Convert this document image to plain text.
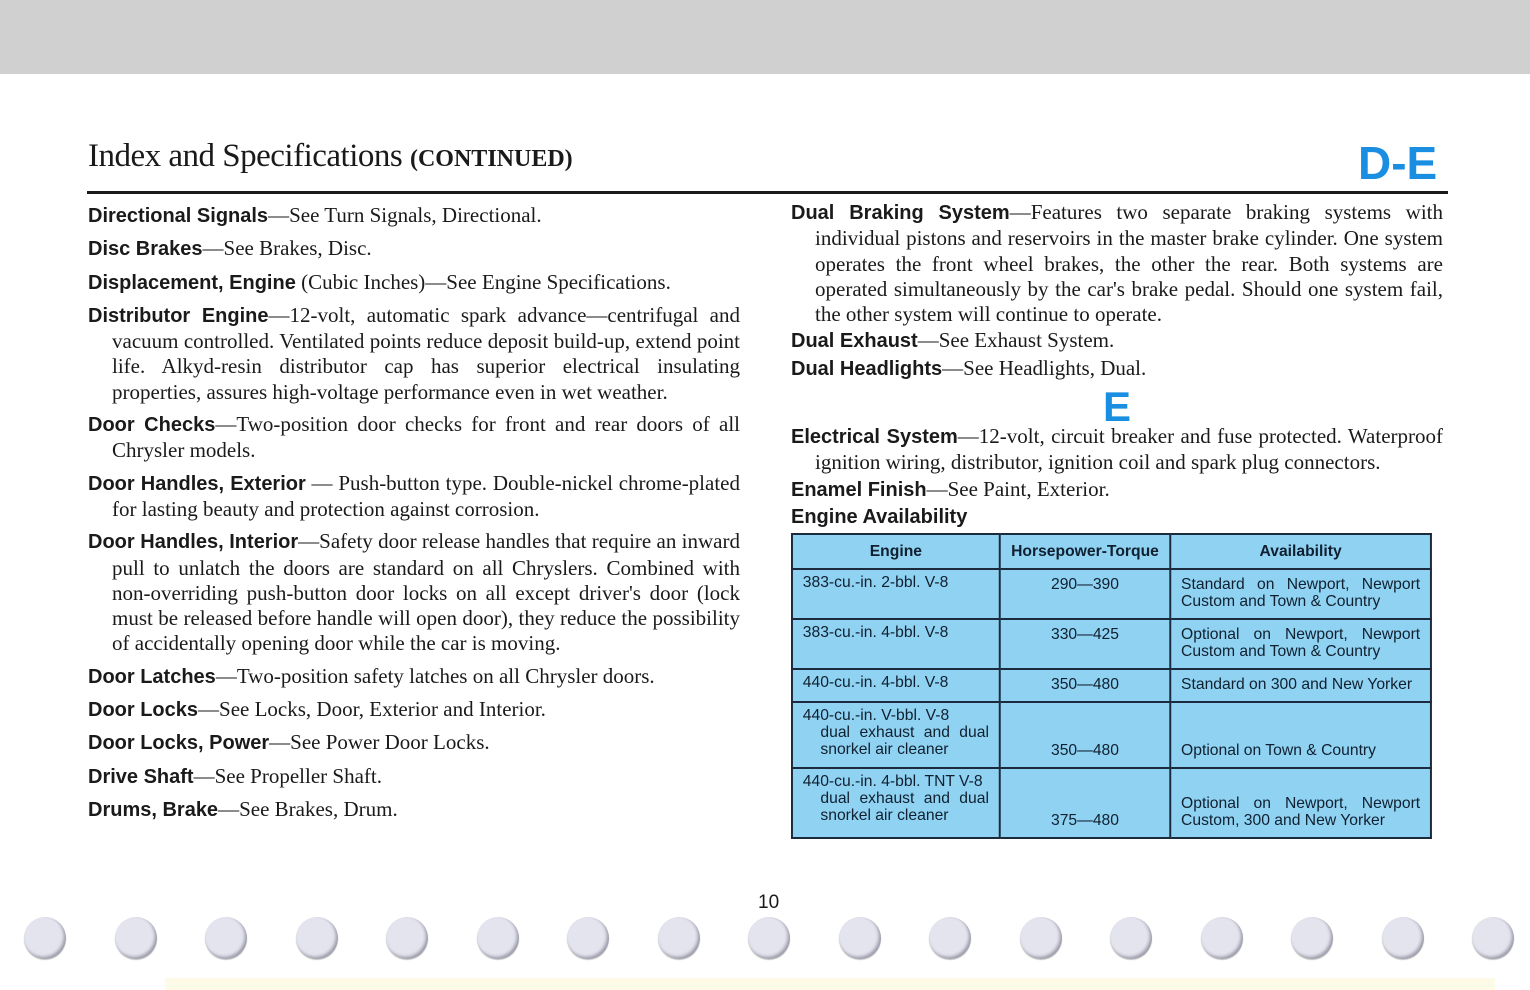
Index and Specifications (CONTINUED)	D-E
Directional Signals—See Turn Signals, Directional.
Disc Brakes—See Brakes, Disc.
Displacement, Engine (Cubic Inches)—See Engine Specifications.
Distributor Engine—12-volt, automatic spark advance—centrifugal and vacuum controlled. Ventilated points reduce deposit build-up, extend point life. Alkyd-resin distributor cap has superior electrical insulating properties, assures high-voltage performance even in wet weather.
Door Checks—Two-position door checks for front and rear doors of all Chrysler models.
Door Handles, Exterior — Push-button type. Double-nickel chrome-plated for lasting beauty and protection against corrosion.
Door Handles, Interior—Safety door release handles that require an inward pull to unlatch the doors are standard on all Chryslers. Combined with non-overriding push-button door locks on all except driver's door (lock must be released before handle will open door), they reduce the possibility of accidentally opening door while the car is moving.
Door Latches—Two-position safety latches on all Chrysler doors.
Door Locks—See Locks, Door, Exterior and Interior.
Door Locks, Power—See Power Door Locks.
Drive Shaft—See Propeller Shaft.
Drums, Brake—See Brakes, Drum.
Dual Braking System—Features two separate braking systems with individual pistons and reservoirs in the master brake cylinder. One system operates the front wheel brakes, the other the rear. Both systems are operated simultaneously by the car's brake pedal. Should one system fail, the other system will continue to operate.
Dual Exhaust—See Exhaust System.
Dual Headlights—See Headlights, Dual.
E
Electrical System—12-volt, circuit breaker and fuse protected. Waterproof ignition wiring, distributor, ignition coil and spark plug connectors.
Enamel Finish—See Paint, Exterior.
Engine Availability
Engine	Horsepower-Torque	Availability
383-cu.-in. 2-bbl. V-8	290—390	Standard on Newport, Newport Custom and Town & Country
383-cu.-in. 4-bbl. V-8	330—425	Optional on Newport, Newport Custom and Town & Country
440-cu.-in. 4-bbl. V-8	350—480	Standard on 300 and New Yorker
440-cu.-in. V-bbl. V-8
dual exhaust and dual snorkel air cleaner	350—480	Optional on Town & Country
440-cu.-in. 4-bbl. TNT V-8
dual exhaust and dual snorkel air cleaner	375—480	Optional on Newport, Newport Custom, 300 and New Yorker
10
